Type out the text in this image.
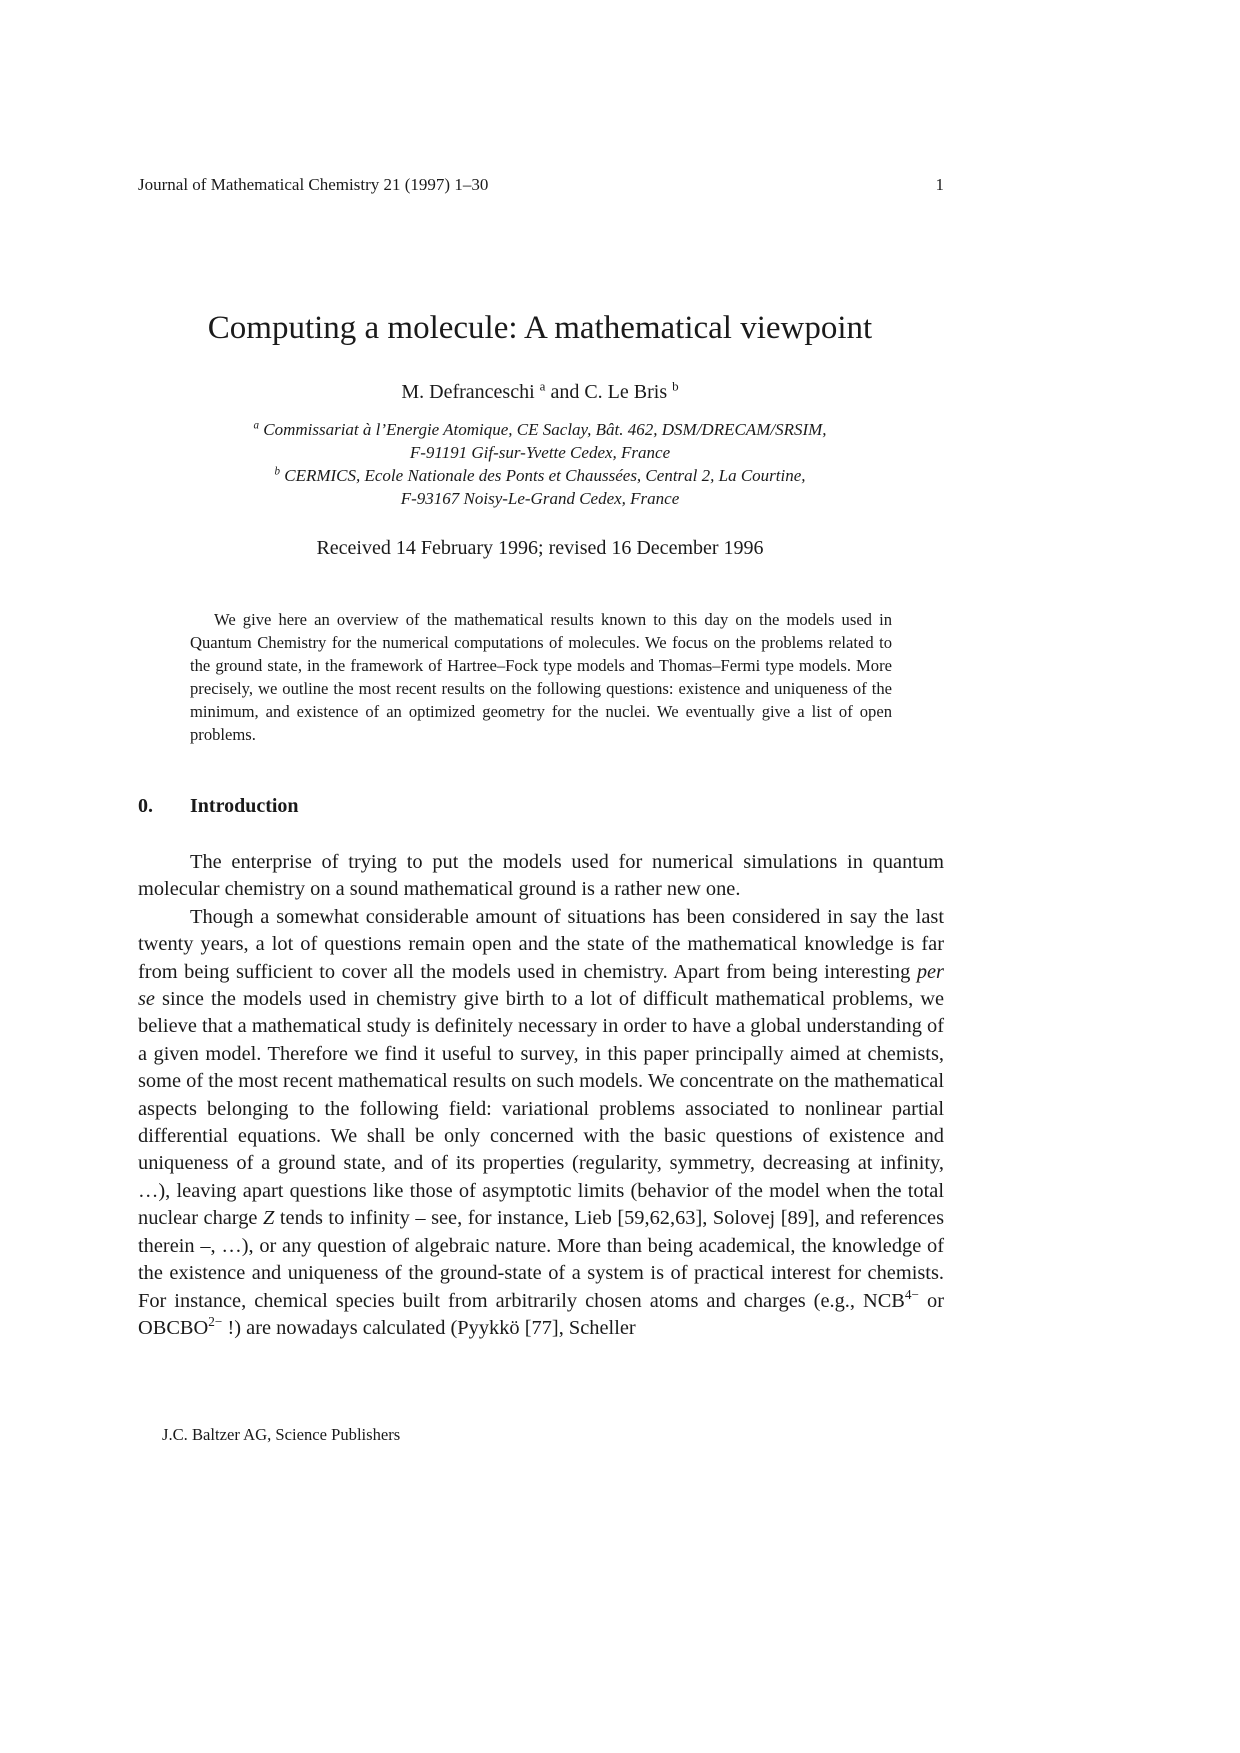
Journal of Mathematical Chemistry 21 (1997) 1–30	1
Computing a molecule: A mathematical viewpoint
M. Defranceschi $^a$ and C. Le Bris $^b$
$^a$ Commissariat à l’Energie Atomique, CE Saclay, Bât. 462, DSM/DRECAM/SRSIM,
F-91191 Gif-sur-Yvette Cedex, France
$^b$ CERMICS, Ecole Nationale des Ponts et Chaussées, Central 2, La Courtine,
F-93167 Noisy-Le-Grand Cedex, France
Received 14 February 1996; revised 16 December 1996

We give here an overview of the mathematical results known to this day on the models used in Quantum Chemistry for the numerical computations of molecules. We focus on the problems related to the ground state, in the framework of Hartree–Fock type models and Thomas–Fermi type models. More precisely, we outline the most recent results on the following questions: existence and uniqueness of the minimum, and existence of an optimized geometry for the nuclei. We eventually give a list of open problems.

0. Introduction

The enterprise of trying to put the models used for numerical simulations in quantum molecular chemistry on a sound mathematical ground is a rather new one.

Though a somewhat considerable amount of situations has been considered in say the last twenty years, a lot of questions remain open and the state of the mathematical knowledge is far from being sufficient to cover all the models used in chemistry. Apart from being interesting per se since the models used in chemistry give birth to a lot of difficult mathematical problems, we believe that a mathematical study is definitely necessary in order to have a global understanding of a given model. Therefore we find it useful to survey, in this paper principally aimed at chemists, some of the most recent mathematical results on such models. We concentrate on the mathematical aspects belonging to the following field: variational problems associated to nonlinear partial differential equations. We shall be only concerned with the basic questions of existence and uniqueness of a ground state, and of its properties (regularity, symmetry, decreasing at infinity, …), leaving apart questions like those of asymptotic limits (behavior of the model when the total nuclear charge Z tends to infinity – see, for instance, Lieb [59,62,63], Solovej [89], and references therein –, …), or any question of algebraic nature. More than being academical, the knowledge of the existence and uniqueness of the ground-state of a system is of practical interest for chemists. For instance, chemical species built from arbitrarily chosen atoms and charges (e.g., $NCB^{4-}$ or $OBCBO^{2-}$ !) are nowadays calculated (Pyykkö [77], Scheller

J.C. Baltzer AG, Science Publishers
